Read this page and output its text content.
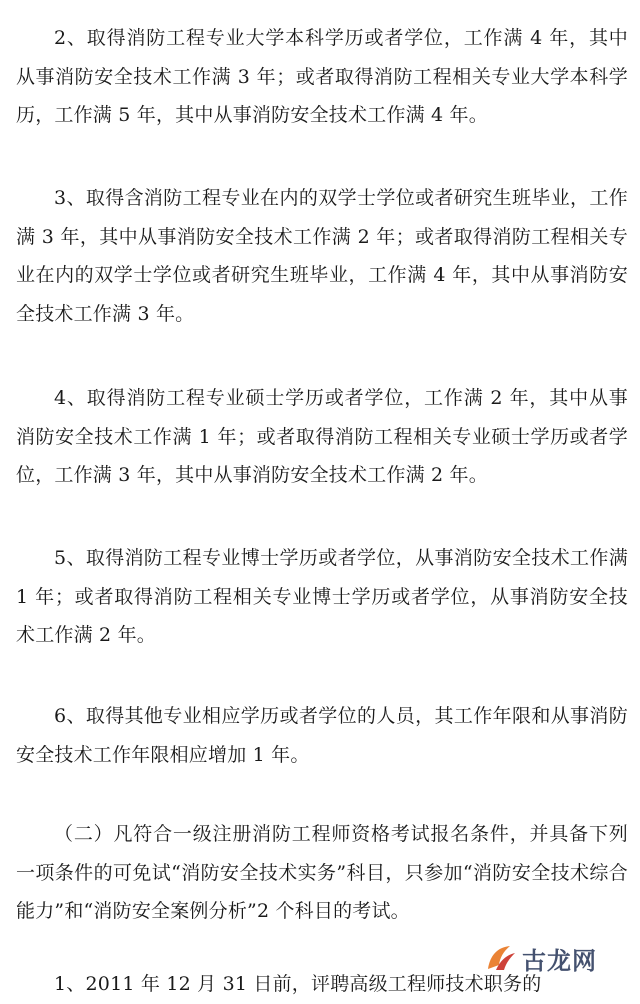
2、取得消防工程专业大学本科学历或者学位，工作满 4 年，其中从事消防安全技术工作满 3 年；或者取得消防工程相关专业大学本科学历，工作满 5 年，其中从事消防安全技术工作满 4 年。

3、取得含消防工程专业在内的双学士学位或者研究生班毕业，工作满 3 年，其中从事消防安全技术工作满 2 年；或者取得消防工程相关专业在内的双学士学位或者研究生班毕业，工作满 4 年，其中从事消防安全技术工作满 3 年。

4、取得消防工程专业硕士学历或者学位，工作满 2 年，其中从事消防安全技术工作满 1 年；或者取得消防工程相关专业硕士学历或者学位，工作满 3 年，其中从事消防安全技术工作满 2 年。

5、取得消防工程专业博士学历或者学位，从事消防安全技术工作满 1 年；或者取得消防工程相关专业博士学历或者学位，从事消防安全技术工作满 2 年。

6、取得其他专业相应学历或者学位的人员，其工作年限和从事消防安全技术工作年限相应增加 1 年。

（二）凡符合一级注册消防工程师资格考试报名条件，并具备下列一项条件的可免试“消防安全技术实务”科目，只参加“消防安全技术综合能力”和“消防安全案例分析”2 个科目的考试。

1、2011 年 12 月 31 日前，评聘高级工程师技术职务的

古龙网
